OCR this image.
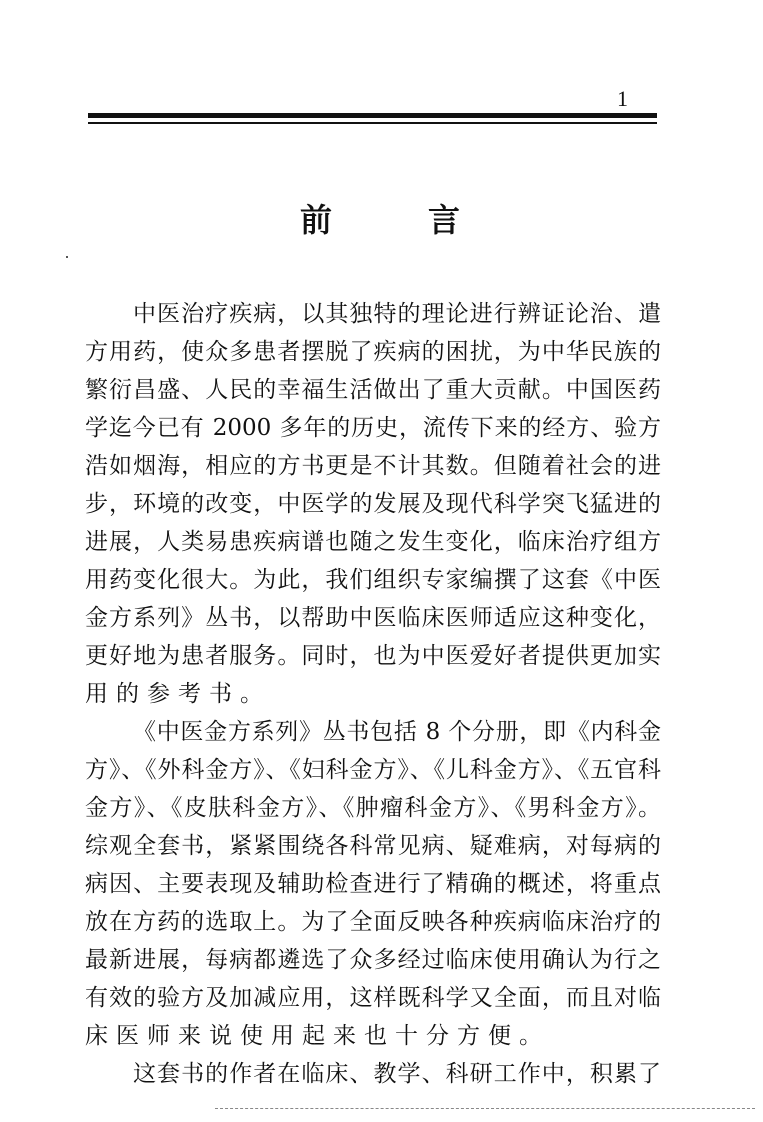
1
前	言
中医治疗疾病，以其独特的理论进行辨证论治、遣
方用药，使众多患者摆脱了疾病的困扰，为中华民族的
繁衍昌盛、人民的幸福生活做出了重大贡献。中国医药
学迄今已有 2000 多年的历史，流传下来的经方、验方
浩如烟海，相应的方书更是不计其数。但随着社会的进
步，环境的改变，中医学的发展及现代科学突飞猛进的
进展，人类易患疾病谱也随之发生变化，临床治疗组方
用药变化很大。为此，我们组织专家编撰了这套《中医
金方系列》丛书，以帮助中医临床医师适应这种变化，
更好地为患者服务。同时，也为中医爱好者提供更加实
用的参考书。
《中医金方系列》丛书包括 8 个分册，即《内科金
方》、《外科金方》、《妇科金方》、《儿科金方》、《五官科
金方》、《皮肤科金方》、《肿瘤科金方》、《男科金方》。
综观全套书，紧紧围绕各科常见病、疑难病，对每病的
病因、主要表现及辅助检查进行了精确的概述，将重点
放在方药的选取上。为了全面反映各种疾病临床治疗的
最新进展，每病都遴选了众多经过临床使用确认为行之
有效的验方及加减应用，这样既科学又全面，而且对临
床医师来说使用起来也十分方便。
这套书的作者在临床、教学、科研工作中，积累了
